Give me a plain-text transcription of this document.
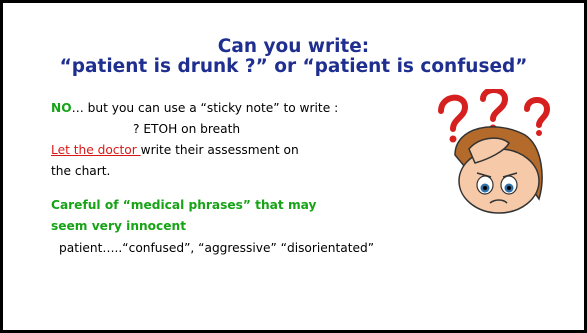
Can you write:
“patient is drunk ?” or “patient is confused”
NO… but you can use a “sticky note” to write :
? ETOH on breath
Let the doctor write their assessment on
the chart.
Careful of “medical phrases” that may
seem very innocent
patient…..“confused”, “aggressive” “disorientated”
